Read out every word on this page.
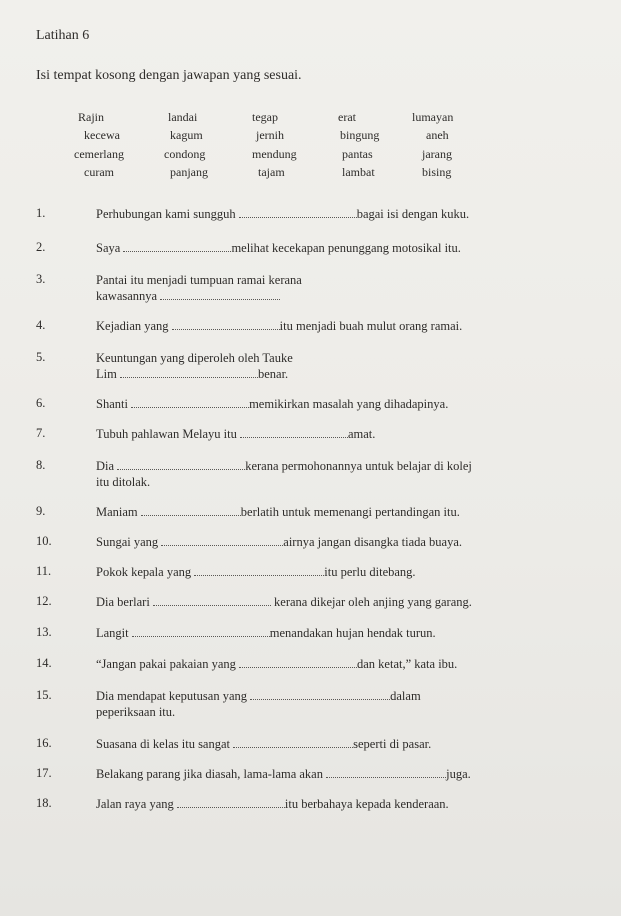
Latihan 6
Isi tempat kosong dengan jawapan yang sesuai.
Rajin	landai	tegap	erat	lumayan
kecewa	kagum	jernih	bingung	aneh
cemerlang	condong	mendung	pantas	jarang
curam	panjang	tajam	lambat	bising
1.	Perhubungan kami sungguh	bagai isi dengan kuku.
2.	Saya	melihat kecekapan penunggang motosikal itu.
3.	Pantai itu menjadi tumpuan ramai kerana
kawasannya
4.	Kejadian yang	itu menjadi buah mulut orang ramai.
5.	Keuntungan yang diperoleh oleh Tauke
Lim	benar.
6.	Shanti	memikirkan masalah yang dihadapinya.
7.	Tubuh pahlawan Melayu itu	amat.
8.	Dia	kerana permohonannya untuk belajar di kolej
itu ditolak.
9.	Maniam	berlatih untuk memenangi pertandingan itu.
10.	Sungai yang	airnya jangan disangka tiada buaya.
11.	Pokok kepala yang	itu perlu ditebang.
12.	Dia berlari	kerana dikejar oleh anjing yang garang.
13.	Langit	menandakan hujan hendak turun.
14.	“Jangan pakai pakaian yang	dan ketat,” kata ibu.
15.	Dia mendapat keputusan yang	dalam
peperiksaan itu.
16.	Suasana di kelas itu sangat	seperti di pasar.
17.	Belakang parang jika diasah, lama-lama akan	juga.
18.	Jalan raya yang	itu berbahaya kepada kenderaan.
